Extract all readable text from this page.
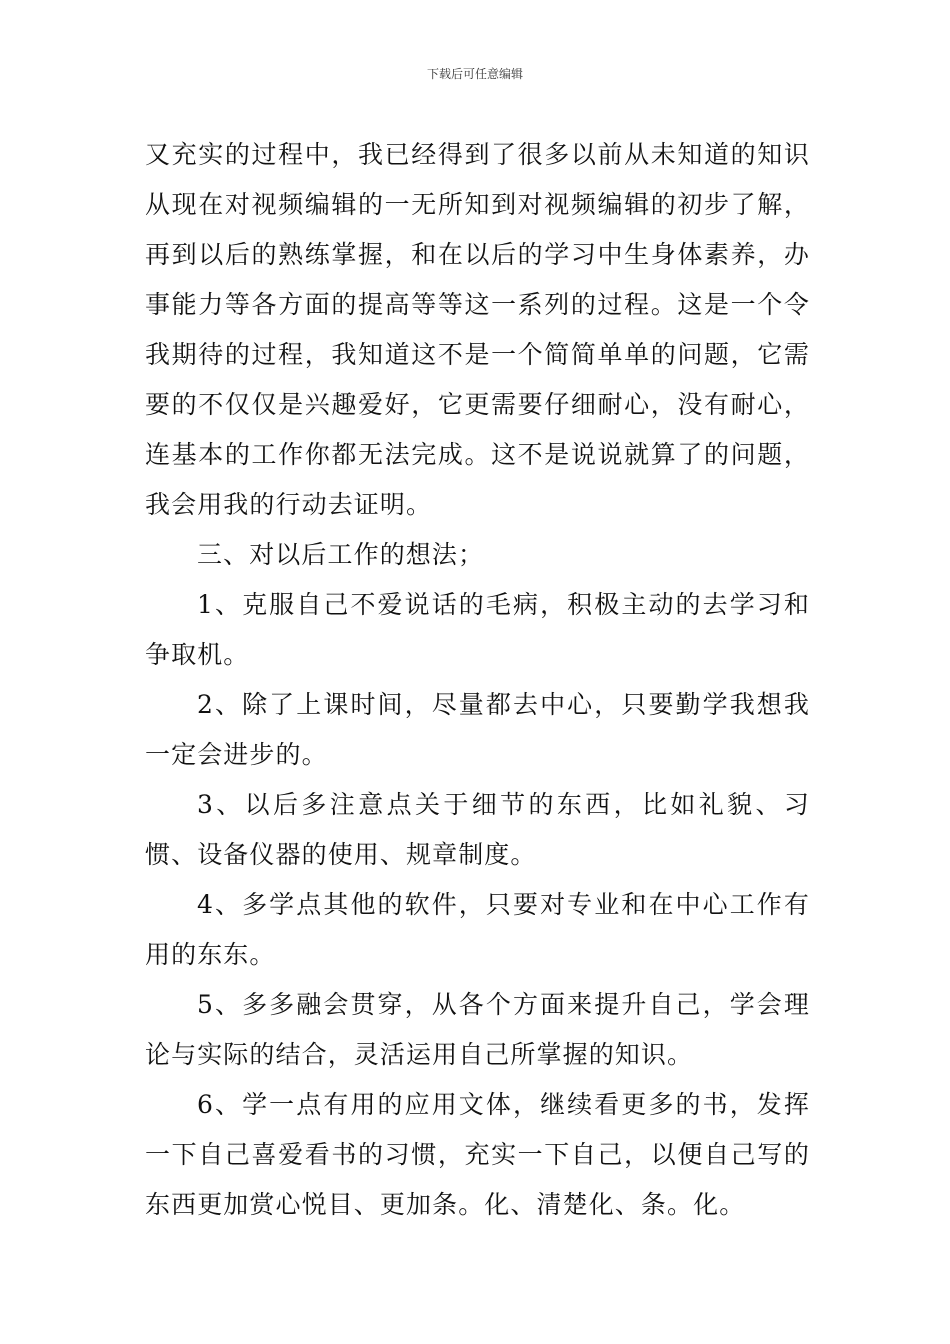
下载后可任意编辑

又充实的过程中，我已经得到了很多以前从未知道的知识从现在对视频编辑的一无所知到对视频编辑的初步了解，再到以后的熟练掌握，和在以后的学习中生身体素养，办事能力等各方面的提高等等这一系列的过程。这是一个令我期待的过程，我知道这不是一个简简单单的问题，它需要的不仅仅是兴趣爱好，它更需要仔细耐心，没有耐心，连基本的工作你都无法完成。这不是说说就算了的问题，我会用我的行动去证明。

三、对以后工作的想法；

1、克服自己不爱说话的毛病，积极主动的去学习和争取机。

2、除了上课时间，尽量都去中心，只要勤学我想我一定会进步的。

3、以后多注意点关于细节的东西，比如礼貌、习惯、设备仪器的使用、规章制度。

4、多学点其他的软件，只要对专业和在中心工作有用的东东。

5、多多融会贯穿，从各个方面来提升自己，学会理论与实际的结合，灵活运用自己所掌握的知识。

6、学一点有用的应用文体，继续看更多的书，发挥一下自己喜爱看书的习惯，充实一下自己，以便自己写的东西更加赏心悦目、更加条。化、清楚化、条。化。
